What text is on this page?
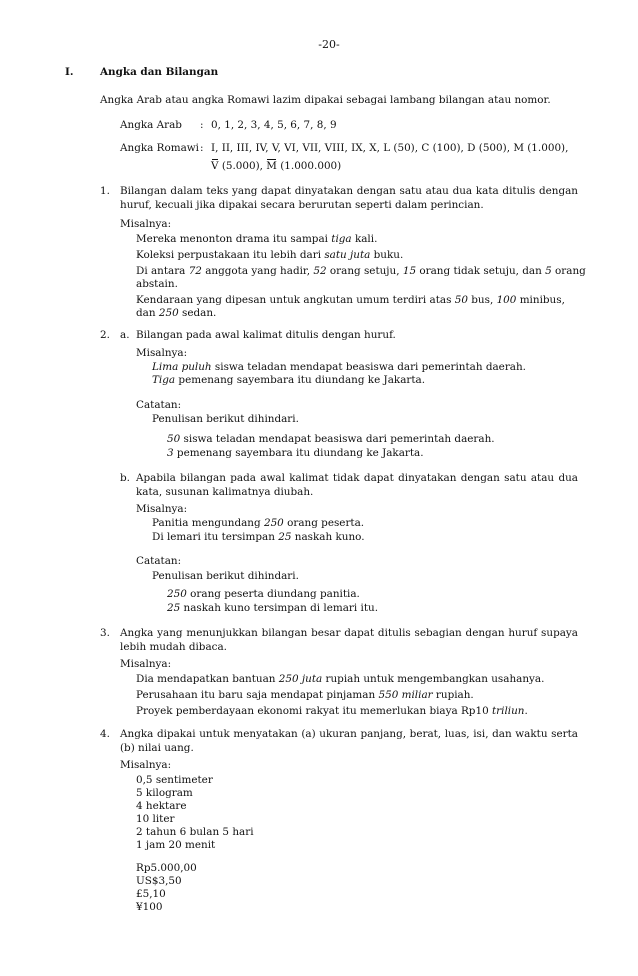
-20-
I.	Angka dan Bilangan
Angka Arab atau angka Romawi lazim dipakai sebagai lambang bilangan atau nomor.
Angka Arab : 0, 1, 2, 3, 4, 5, 6, 7, 8, 9
Angka Romawi : I, II, III, IV, V, VI, VII, VIII, IX, X, L (50), C (100), D (500), M (1.000),
V (5.000), M (1.000.000)
1. Bilangan dalam teks yang dapat dinyatakan dengan satu atau dua kata ditulis dengan huruf, kecuali jika dipakai secara berurutan seperti dalam perincian.
Misalnya:
Mereka menonton drama itu sampai tiga kali.
Koleksi perpustakaan itu lebih dari satu juta buku.
Di antara 72 anggota yang hadir, 52 orang setuju, 15 orang tidak setuju, dan 5 orang
abstain.
Kendaraan yang dipesan untuk angkutan umum terdiri atas 50 bus, 100 minibus,
dan 250 sedan.
2. a. Bilangan pada awal kalimat ditulis dengan huruf.
Misalnya:
Lima puluh siswa teladan mendapat beasiswa dari pemerintah daerah.
Tiga pemenang sayembara itu diundang ke Jakarta.
Catatan:
Penulisan berikut dihindari.
50 siswa teladan mendapat beasiswa dari pemerintah daerah.
3 pemenang sayembara itu diundang ke Jakarta.
b. Apabila bilangan pada awal kalimat tidak dapat dinyatakan dengan satu atau dua kata, susunan kalimatnya diubah.
Misalnya:
Panitia mengundang 250 orang peserta.
Di lemari itu tersimpan 25 naskah kuno.
Catatan:
Penulisan berikut dihindari.
250 orang peserta diundang panitia.
25 naskah kuno tersimpan di lemari itu.
3. Angka yang menunjukkan bilangan besar dapat ditulis sebagian dengan huruf supaya lebih mudah dibaca.
Misalnya:
Dia mendapatkan bantuan 250 juta rupiah untuk mengembangkan usahanya.
Perusahaan itu baru saja mendapat pinjaman 550 miliar rupiah.
Proyek pemberdayaan ekonomi rakyat itu memerlukan biaya Rp10 triliun.
4. Angka dipakai untuk menyatakan (a) ukuran panjang, berat, luas, isi, dan waktu serta (b) nilai uang.
Misalnya:
0,5 sentimeter
5 kilogram
4 hektare
10 liter
2 tahun 6 bulan 5 hari
1 jam 20 menit
Rp5.000,00
US$3,50
£5,10
¥100
